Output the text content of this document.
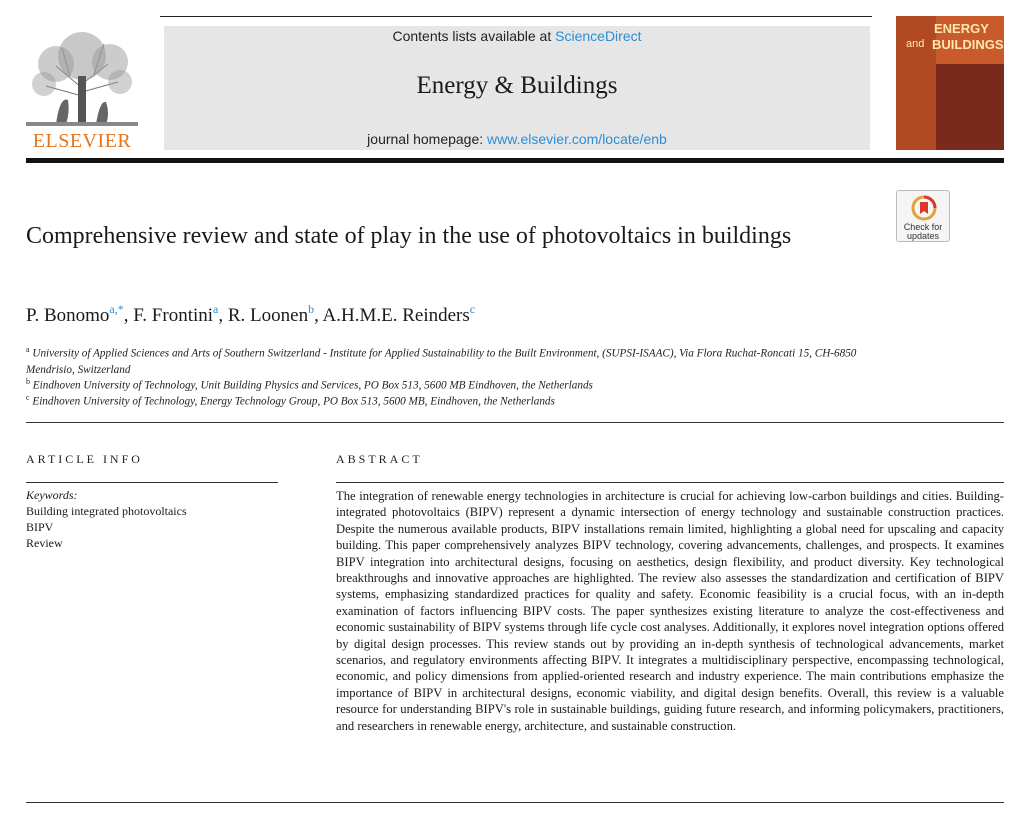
ELSEVIER
Contents lists available at ScienceDirect
Energy & Buildings
journal homepage: www.elsevier.com/locate/enb
ENERGY
and BUILDINGS
Check for
updates
Comprehensive review and state of play in the use of photovoltaics in buildings
P. Bonomo$^{a,*}$, F. Frontini$^a$, R. Loonen$^b$, A.H.M.E. Reinders$^c$
$^a$ University of Applied Sciences and Arts of Southern Switzerland - Institute for Applied Sustainability to the Built Environment, (SUPSI-ISAAC), Via Flora Ruchat-Roncati 15, CH-6850 Mendrisio, Switzerland
$^b$ Eindhoven University of Technology, Unit Building Physics and Services, PO Box 513, 5600 MB Eindhoven, the Netherlands
$^c$ Eindhoven University of Technology, Energy Technology Group, PO Box 513, 5600 MB, Eindhoven, the Netherlands
ARTICLE INFO	ABSTRACT
Keywords:
Building integrated photovoltaics
BIPV
Review
The integration of renewable energy technologies in architecture is crucial for achieving low-carbon buildings and cities. Building-integrated photovoltaics (BIPV) represent a dynamic intersection of energy technology and sustainable construction practices. Despite the numerous available products, BIPV installations remain limited, highlighting a global need for upscaling and capacity building. This paper comprehensively analyzes BIPV technology, covering advancements, challenges, and prospects. It examines BIPV integration into architectural designs, focusing on aesthetics, design flexibility, and product diversity. Key technological breakthroughs and innovative approaches are highlighted. The review also assesses the standardization and certification of BIPV systems, emphasizing standardized practices for quality and safety. Economic feasibility is a crucial focus, with an in-depth examination of factors influencing BIPV costs. The paper synthesizes existing literature to analyze the cost-effectiveness and economic sustainability of BIPV systems through life cycle cost analyses. Additionally, it explores novel integration options offered by digital design processes. This review stands out by providing an in-depth synthesis of technological advancements, market scenarios, and regulatory environments affecting BIPV. It integrates a multidisciplinary perspective, encompassing technological, economic, and policy dimensions from applied-oriented research and industry experience. The main contributions emphasize the importance of BIPV in architectural designs, economic viability, and digital design benefits. Overall, this review is a valuable resource for understanding BIPV's role in sustainable buildings, guiding future research, and informing policymakers, practitioners, and researchers in renewable energy, architecture, and sustainable construction.
